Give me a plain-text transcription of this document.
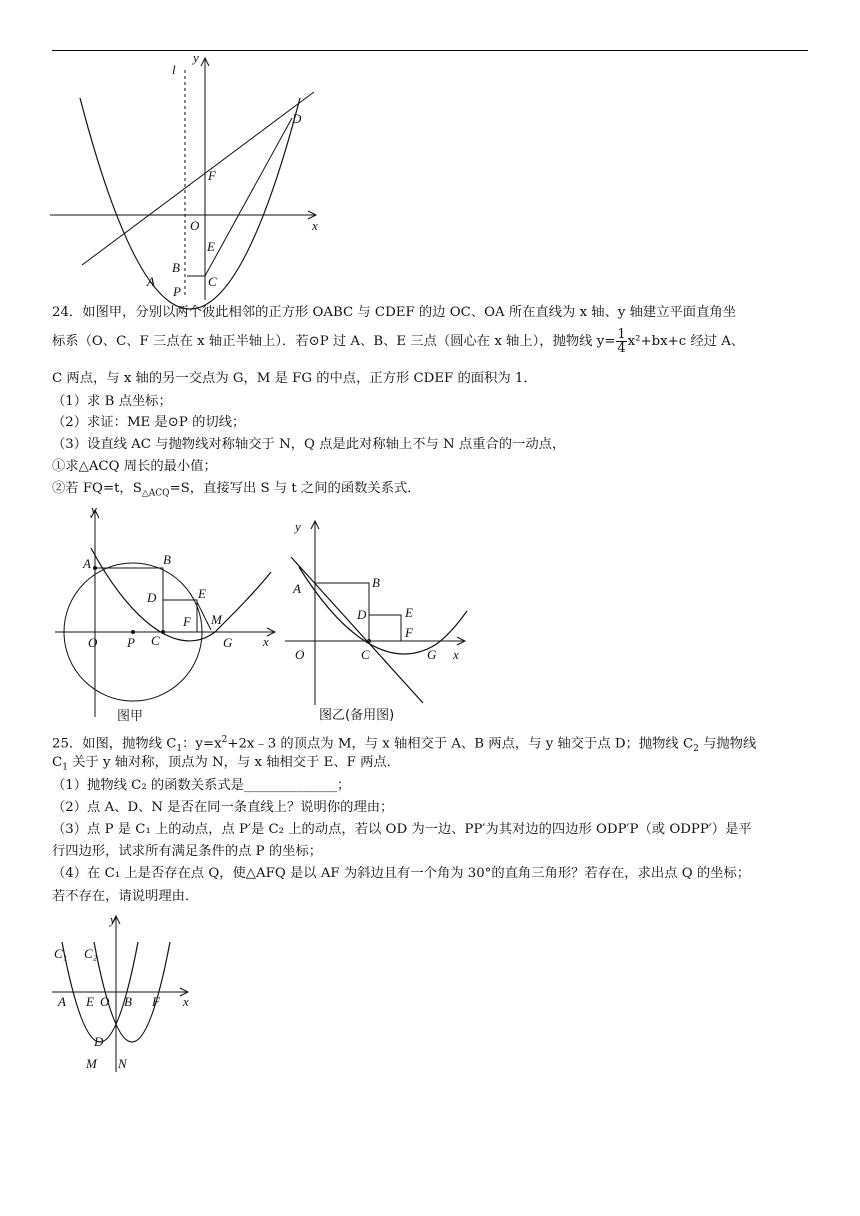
l
y
x
O
D
F
E
A
B
C
P
24．如图甲，分别以两个彼此相邻的正方形 OABC 与 CDEF 的边 OC、OA 所在直线为 x 轴、y 轴建立平面直角坐
标系（O、C、F 三点在 x 轴正半轴上）．若⊙P 过 A、B、E 三点（圆心在 x 轴上），抛物线 $y= \frac{1}{4} x^2+bx+c$ 经过 A、
C 两点，与 x 轴的另一交点为 G，M 是 FG 的中点，正方形 CDEF 的面积为 1．
（1）求 B 点坐标；
（2）求证：ME 是⊙P 的切线；
（3）设直线 AC 与抛物线对称轴交于 N，Q 点是此对称轴上不与 N 点重合的一动点，
①求△ACQ 周长的最小值；
②若 FQ=t，$S_{\triangle ACQ}=S$，直接写出 S 与 t 之间的函数关系式．
y
x
A	B
D	E
F M
O P C	G
图甲
y
x
A	B
D	E
F
O	C	G
图乙(备用图)
25．如图，抛物线 $C_1$：$y=x^2+2x﹣3$ 的顶点为 M，与 x 轴相交于 A、B 两点，与 y 轴交于点 D；抛物线 $C_2$ 与抛物线
$C_1$ 关于 y 轴对称，顶点为 N，与 x 轴相交于 E、F 两点．
（1）抛物线 C₂ 的函数关系式是______________；
（2）点 A、D、N 是否在同一条直线上？说明你的理由；
（3）点 P 是 C₁ 上的动点，点 P′是 C₂ 上的动点，若以 OD 为一边、PP′为其对边的四边形 ODP′P（或 ODPP′）是平
行四边形，试求所有满足条件的点 P 的坐标；
（4）在 C₁ 上是否存在点 Q，使△AFQ 是以 AF 为斜边且有一个角为 30°的直角三角形？若存在，求出点 Q 的坐标；
若不存在，请说明理由．
y
x
C₁ C₂
A E O B F
D
M N
